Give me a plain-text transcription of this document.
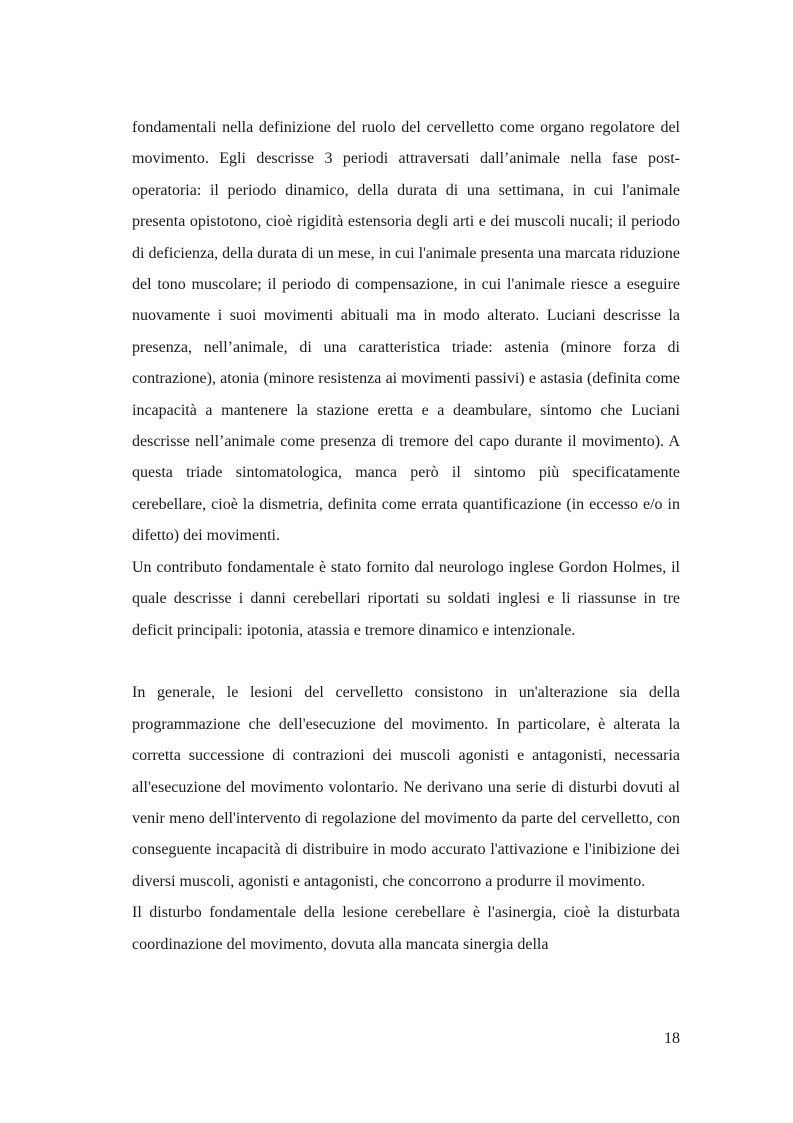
fondamentali nella definizione del ruolo del cervelletto come organo regolatore del movimento. Egli descrisse 3 periodi attraversati dall’animale nella fase post-operatoria: il periodo dinamico, della durata di una settimana, in cui l'animale presenta opistotono, cioè rigidità estensoria degli arti e dei muscoli nucali; il periodo di deficienza, della durata di un mese, in cui l'animale presenta una marcata riduzione del tono muscolare; il periodo di compensazione, in cui l'animale riesce a eseguire nuovamente i suoi movimenti abituali ma in modo alterato. Luciani descrisse la presenza, nell’animale, di una caratteristica triade: astenia (minore forza di contrazione), atonia (minore resistenza ai movimenti passivi) e astasia (definita come incapacità a mantenere la stazione eretta e a deambulare, sintomo che Luciani descrisse nell’animale come presenza di tremore del capo durante il movimento). A questa triade sintomatologica, manca però il sintomo più specificatamente cerebellare, cioè la dismetria, definita come errata quantificazione (in eccesso e/o in difetto) dei movimenti.

Un contributo fondamentale è stato fornito dal neurologo inglese Gordon Holmes, il quale descrisse i danni cerebellari riportati su soldati inglesi e li riassunse in tre deficit principali: ipotonia, atassia e tremore dinamico e intenzionale.

In generale, le lesioni del cervelletto consistono in un'alterazione sia della programmazione che dell'esecuzione del movimento. In particolare, è alterata la corretta successione di contrazioni dei muscoli agonisti e antagonisti, necessaria all'esecuzione del movimento volontario. Ne derivano una serie di disturbi dovuti al venir meno dell'intervento di regolazione del movimento da parte del cervelletto, con conseguente incapacità di distribuire in modo accurato l'attivazione e l'inibizione dei diversi muscoli, agonisti e antagonisti, che concorrono a produrre il movimento.

Il disturbo fondamentale della lesione cerebellare è l'asinergia, cioè la disturbata coordinazione del movimento, dovuta alla mancata sinergia della

18
